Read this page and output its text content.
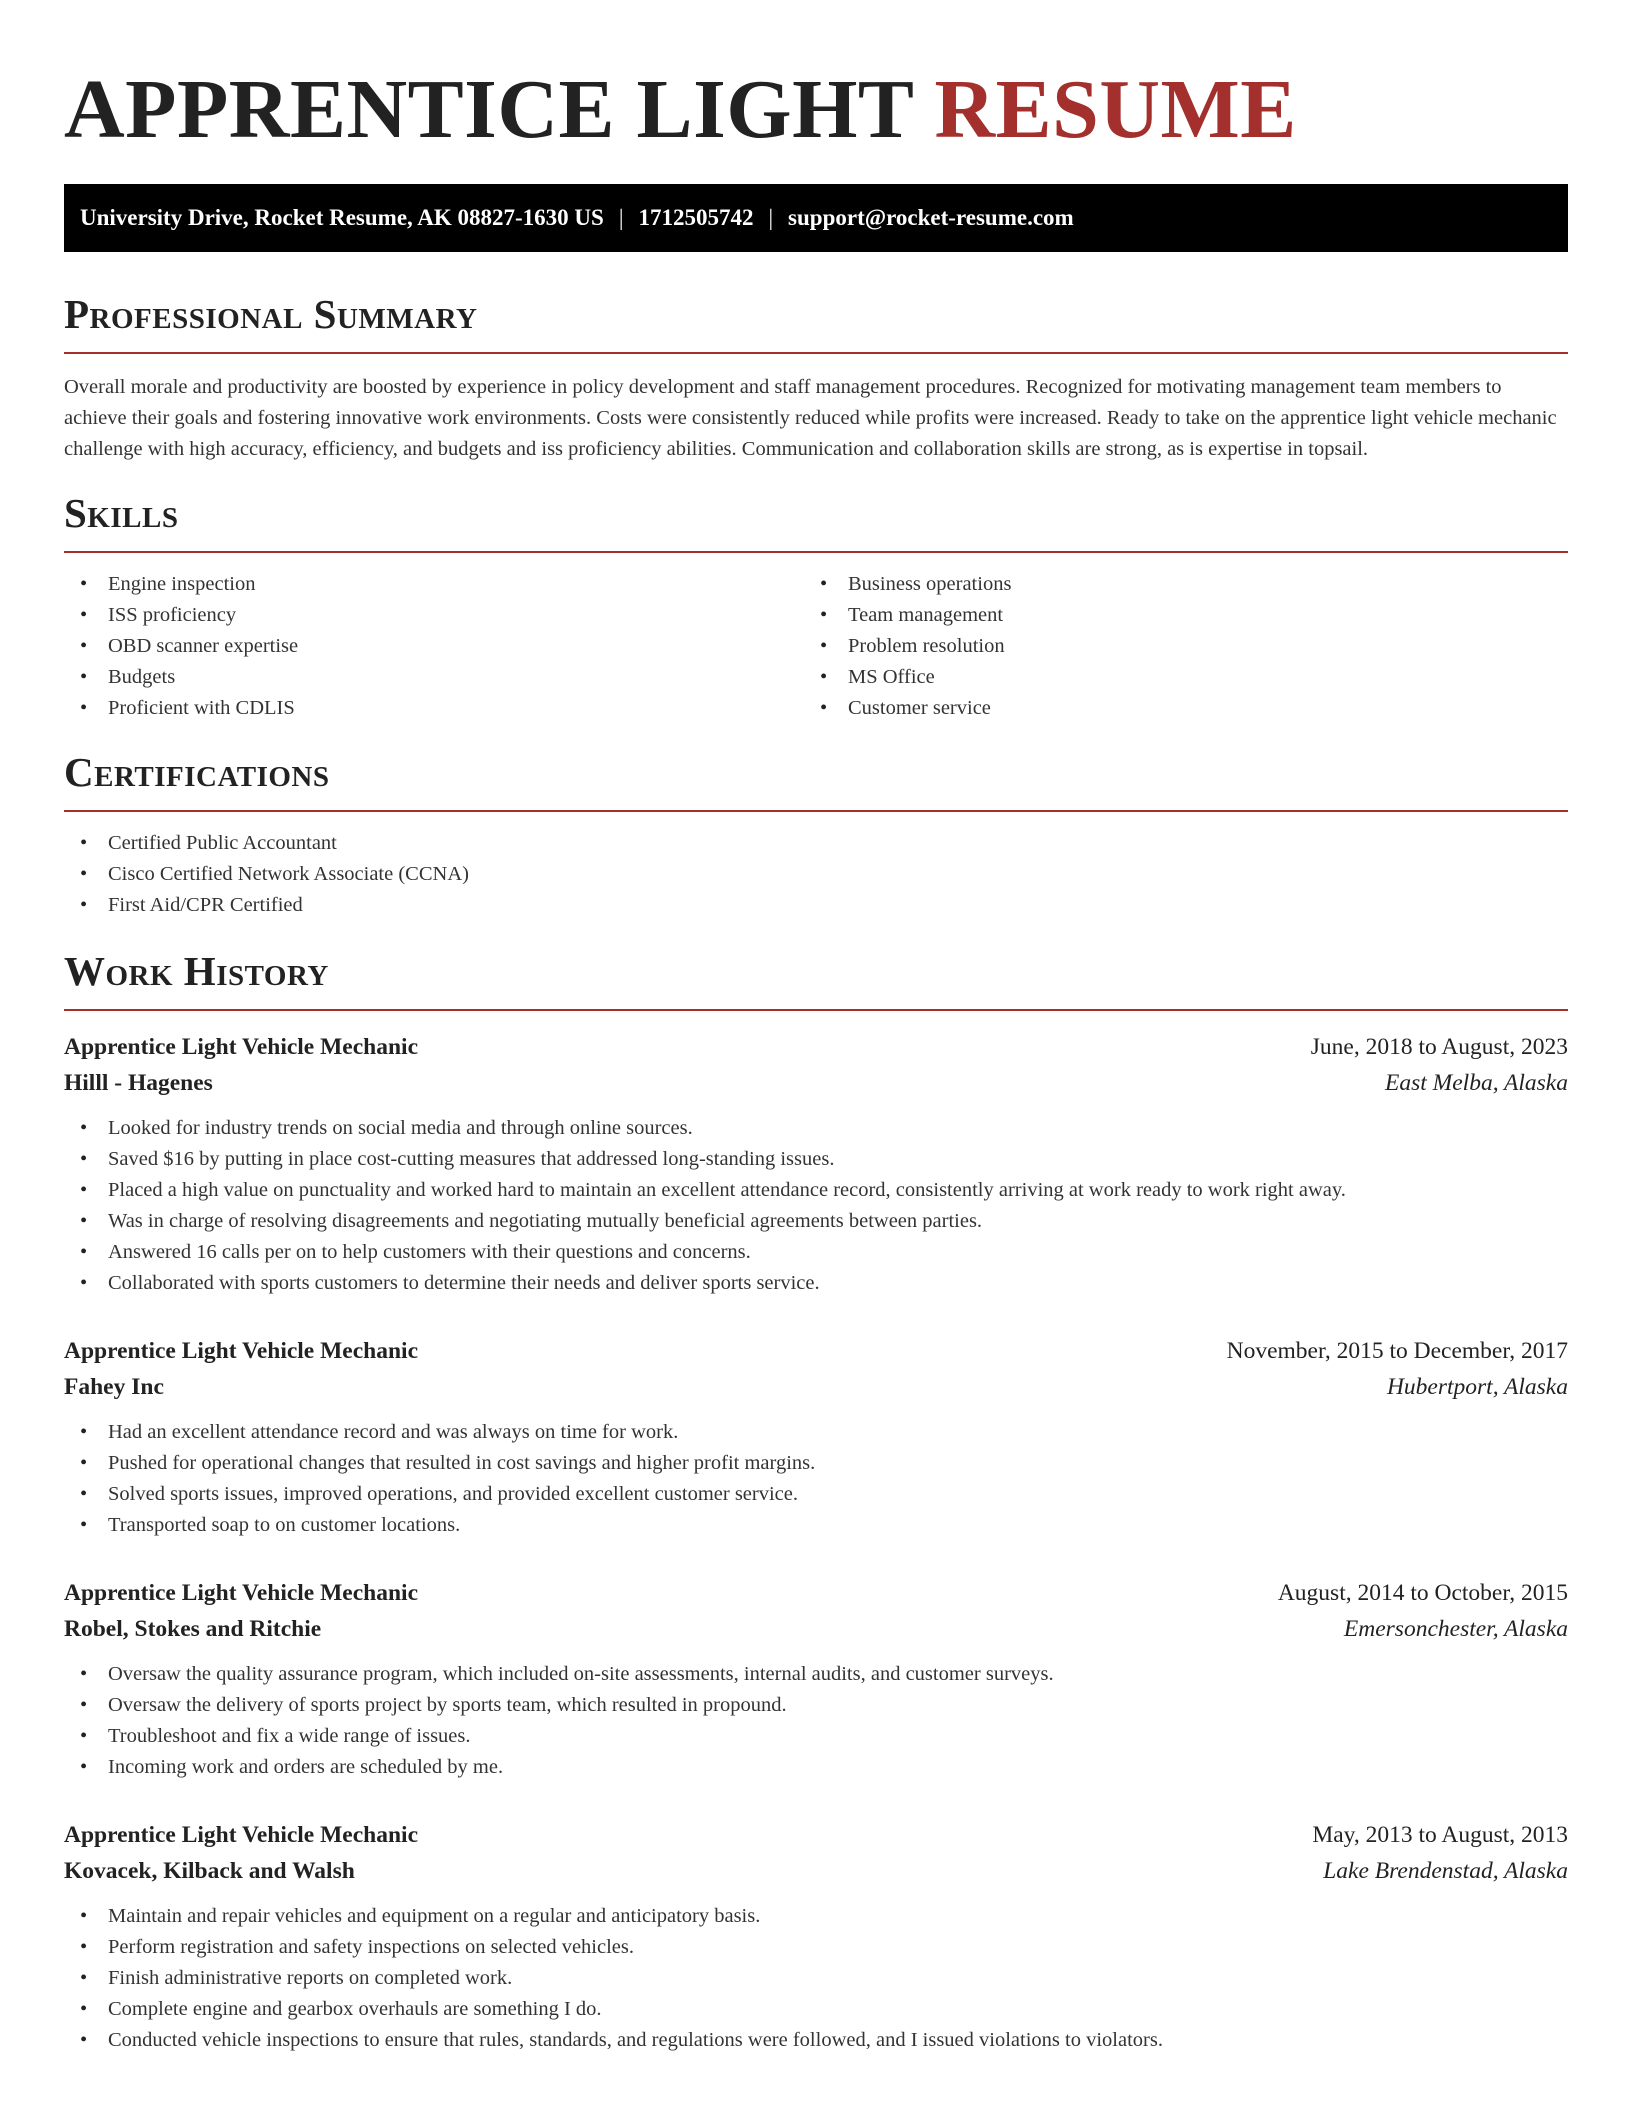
APPRENTICE LIGHT RESUME
University Drive, Rocket Resume, AK 08827-1630 US | 1712505742 | support@rocket-resume.com
Professional Summary

Overall morale and productivity are boosted by experience in policy development and staff management procedures. Recognized for motivating management team members to achieve their goals and fostering innovative work environments. Costs were consistently reduced while profits were increased. Ready to take on the apprentice light vehicle mechanic challenge with high accuracy, efficiency, and budgets and iss proficiency abilities. Communication and collaboration skills are strong, as is expertise in topsail.

Skills
• Engine inspection
• ISS proficiency
• OBD scanner expertise
• Budgets
• Proficient with CDLIS
• Business operations
• Team management
• Problem resolution
• MS Office
• Customer service
Certifications
• Certified Public Accountant
• Cisco Certified Network Associate (CCNA)
• First Aid/CPR Certified
Work History
Apprentice Light Vehicle Mechanic	June, 2018 to August, 2023
Hilll - Hagenes	East Melba, Alaska
• Looked for industry trends on social media and through online sources.
• Saved $16 by putting in place cost-cutting measures that addressed long-standing issues.
• Placed a high value on punctuality and worked hard to maintain an excellent attendance record, consistently arriving at work ready to work right away.
• Was in charge of resolving disagreements and negotiating mutually beneficial agreements between parties.
• Answered 16 calls per on to help customers with their questions and concerns.
• Collaborated with sports customers to determine their needs and deliver sports service.
Apprentice Light Vehicle Mechanic	November, 2015 to December, 2017
Fahey Inc	Hubertport, Alaska
• Had an excellent attendance record and was always on time for work.
• Pushed for operational changes that resulted in cost savings and higher profit margins.
• Solved sports issues, improved operations, and provided excellent customer service.
• Transported soap to on customer locations.
Apprentice Light Vehicle Mechanic	August, 2014 to October, 2015
Robel, Stokes and Ritchie	Emersonchester, Alaska
• Oversaw the quality assurance program, which included on-site assessments, internal audits, and customer surveys.
• Oversaw the delivery of sports project by sports team, which resulted in propound.
• Troubleshoot and fix a wide range of issues.
• Incoming work and orders are scheduled by me.
Apprentice Light Vehicle Mechanic	May, 2013 to August, 2013
Kovacek, Kilback and Walsh	Lake Brendenstad, Alaska
• Maintain and repair vehicles and equipment on a regular and anticipatory basis.
• Perform registration and safety inspections on selected vehicles.
• Finish administrative reports on completed work.
• Complete engine and gearbox overhauls are something I do.
• Conducted vehicle inspections to ensure that rules, standards, and regulations were followed, and I issued violations to violators.
